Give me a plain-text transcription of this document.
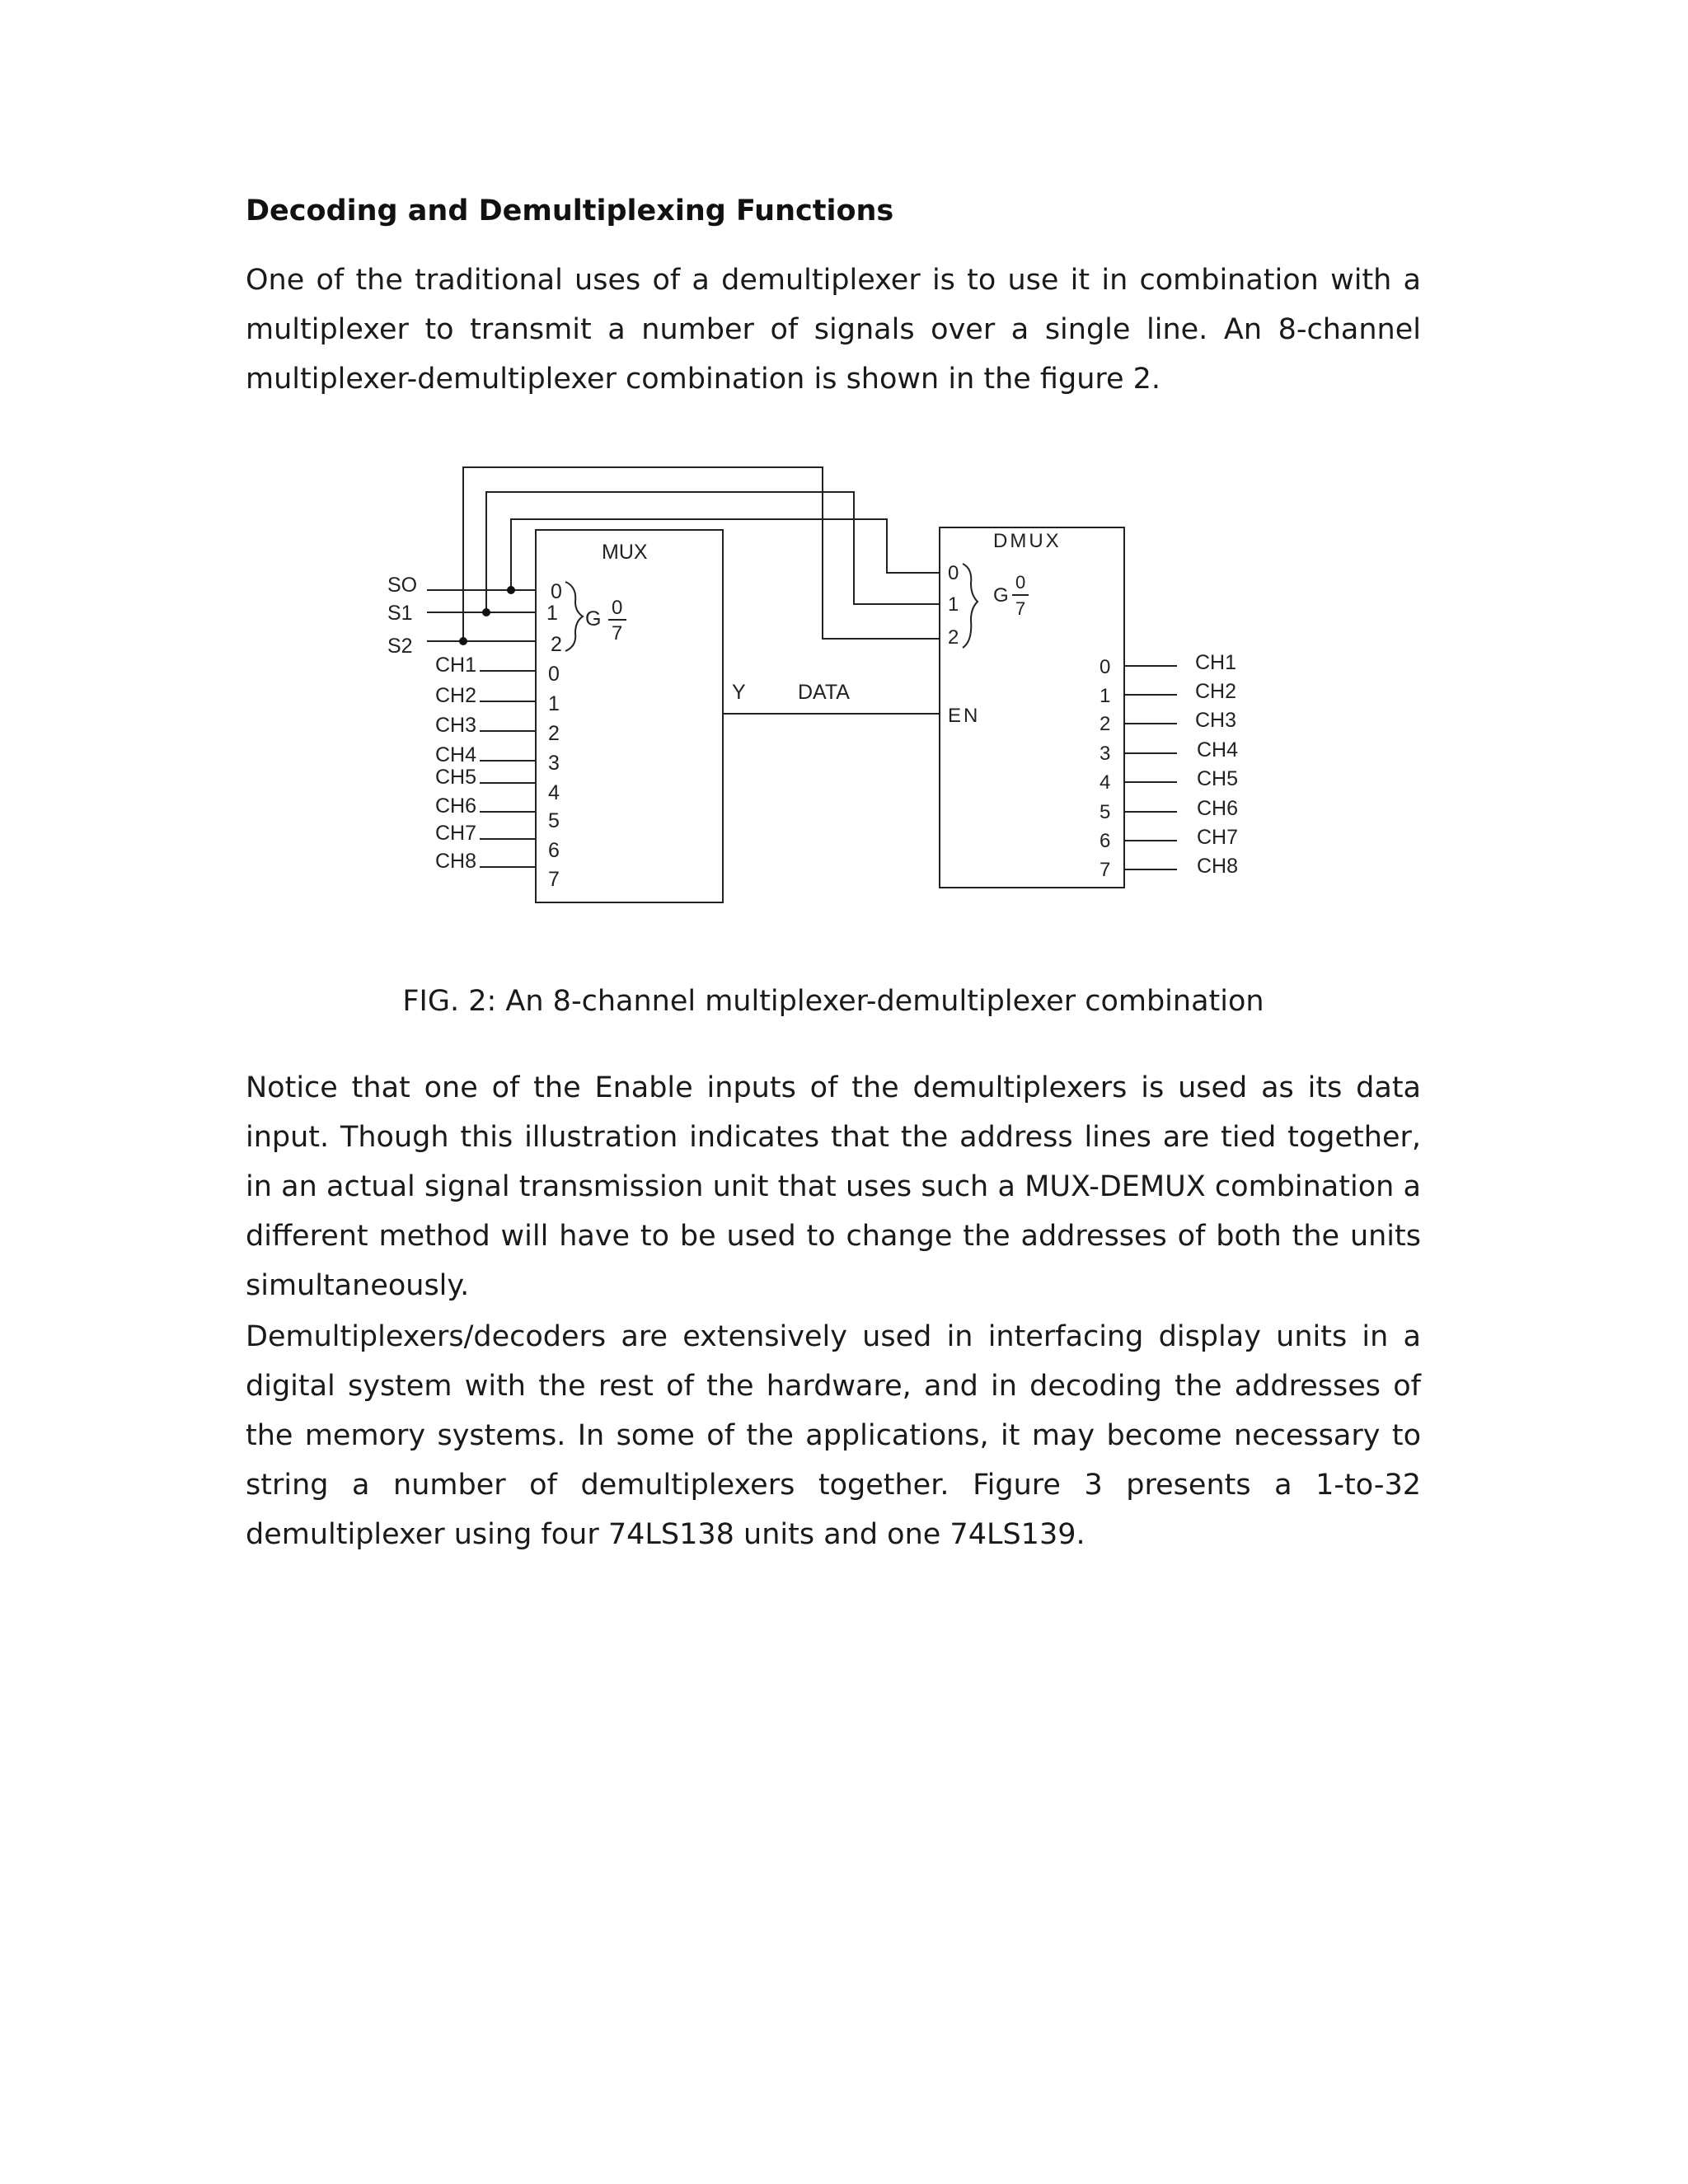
Decoding and Demultiplexing Functions

One of the traditional uses of a demultiplexer is to use it in combination with a multiplexer to transmit a number of signals over a single line. An 8-channel multiplexer-demultiplexer combination is shown in the figure 2.

MUX
SO
S1
S2
0
1
2
G 0
7
CH1
CH2
CH3
CH4
CH5
CH6
CH7
CH8
0
1
2
3
4
5
6
7
Y	DATA
DMUX
0
1
2
G
0
7
EN
0
1
2
3
4
5
6
7
CH1
CH2
CH3
CH4
CH5
CH6
CH7
CH8

FIG. 2: An 8-channel multiplexer-demultiplexer combination

Notice that one of the Enable inputs of the demultiplexers is used as its data input. Though this illustration indicates that the address lines are tied together, in an actual signal transmission unit that uses such a MUX-DEMUX combination a different method will have to be used to change the addresses of both the units simultaneously.

Demultiplexers/decoders are extensively used in interfacing display units in a digital system with the rest of the hardware, and in decoding the addresses of the memory systems. In some of the applications, it may become necessary to string a number of demultiplexers together. Figure 3 presents a 1-to-32 demultiplexer using four 74LS138 units and one 74LS139.
